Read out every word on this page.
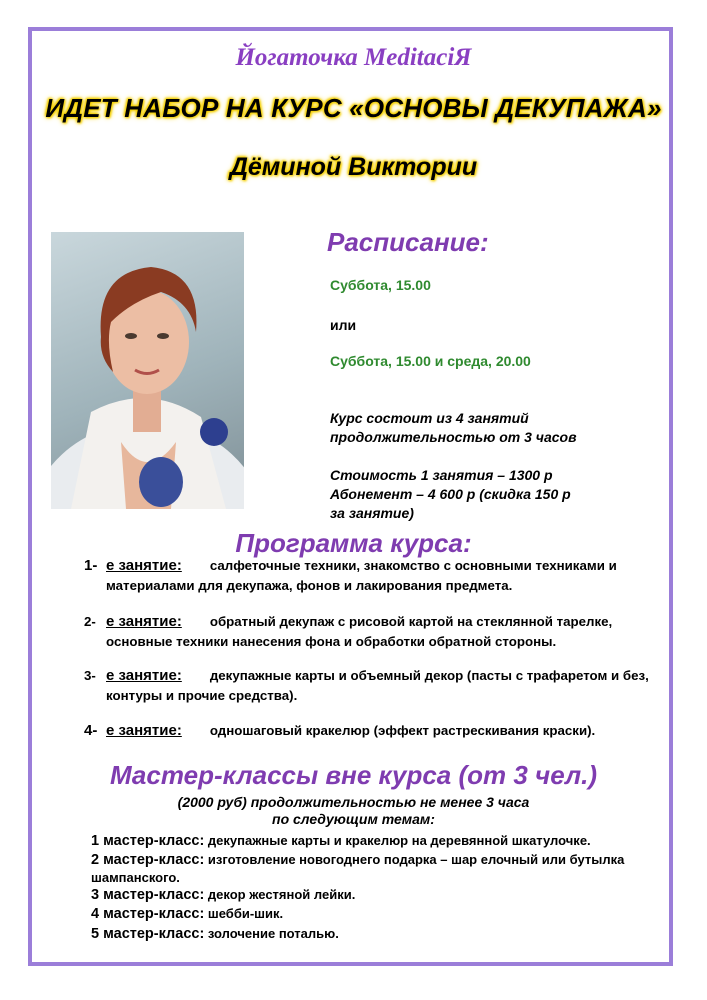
Йогаточка MeditacіЯ
ИДЕТ НАБОР НА КУРС «ОСНОВЫ ДЕКУПАЖА»
Дёминой Виктории
Расписание:
Суббота, 15.00
или
Суббота, 15.00 и среда, 20.00
Курс состоит из 4 занятий
продолжительностью от 3 часов
Стоимость 1 занятия – 1300 р
Абонемент – 4 600 р (скидка 150 р
за занятие)
Программа курса:
1- е занятие: салфеточные техники, знакомство с основными техниками и материалами для декупажа, фонов и лакирования предмета.
2- е занятие: обратный декупаж с рисовой картой на стеклянной тарелке, основные техники нанесения фона и обработки обратной стороны.
3- е занятие: декупажные карты и объемный декор (пасты с трафаретом и без, контуры и прочие средства).
4- е занятие: одношаговый кракелюр (эффект растрескивания краски).
Мастер-классы вне курса (от 3 чел.)
(2000 руб) продолжительностью не менее 3 часа
по следующим темам:
1 мастер-класс: декупажные карты и кракелюр на деревянной шкатулочке.
2 мастер-класс: изготовление новогоднего подарка – шар елочный или бутылка шампанского.
3 мастер-класс: декор жестяной лейки.
4 мастер-класс: шебби-шик.
5 мастер-класс: золочение поталью.
